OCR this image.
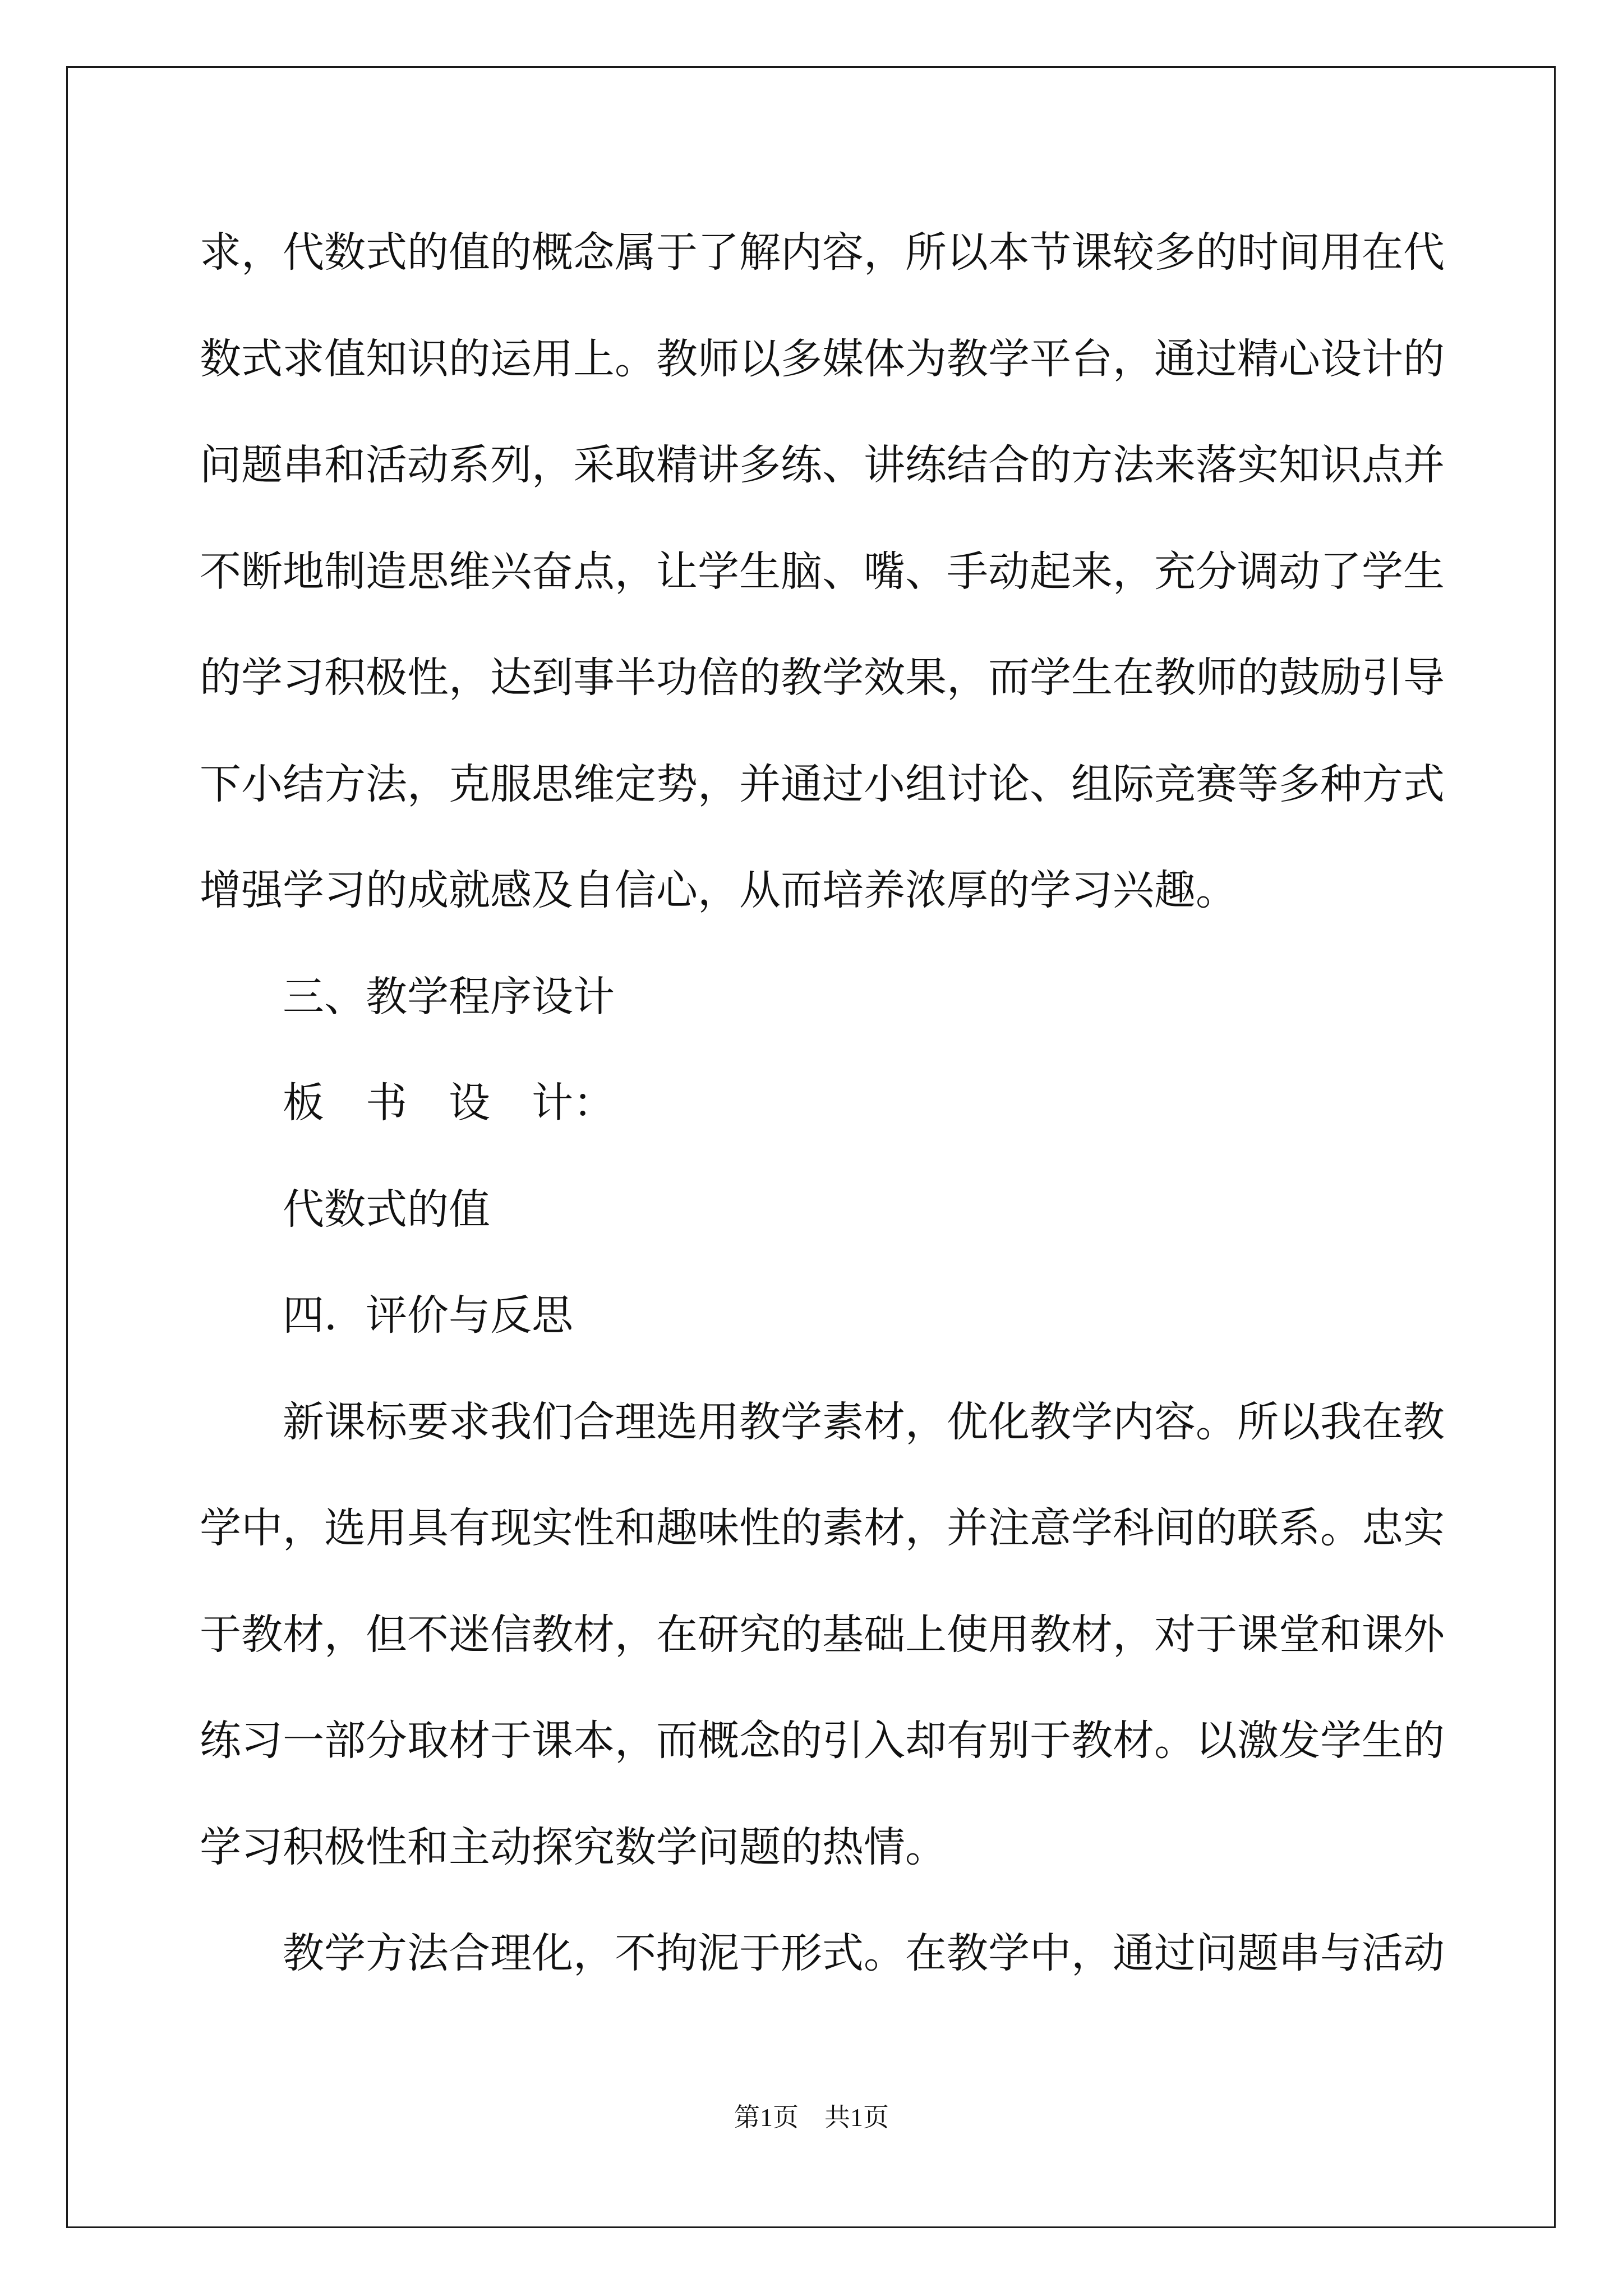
求，代数式的值的概念属于了解内容，所以本节课较多的时间用在代
数式求值知识的运用上。教师以多媒体为教学平台，通过精心设计的
问题串和活动系列，采取精讲多练、讲练结合的方法来落实知识点并
不断地制造思维兴奋点，让学生脑、嘴、手动起来，充分调动了学生
的学习积极性，达到事半功倍的教学效果，而学生在教师的鼓励引导
下小结方法，克服思维定势，并通过小组讨论、组际竞赛等多种方式
增强学习的成就感及自信心，从而培养浓厚的学习兴趣。
三、教学程序设计
板　书　设　计：
代数式的值
四．评价与反思
新课标要求我们合理选用教学素材，优化教学内容。所以我在教
学中，选用具有现实性和趣味性的素材，并注意学科间的联系。忠实
于教材，但不迷信教材，在研究的基础上使用教材，对于课堂和课外
练习一部分取材于课本，而概念的引入却有别于教材。以激发学生的
学习积极性和主动探究数学问题的热情。
教学方法合理化，不拘泥于形式。在教学中，通过问题串与活动
第1页　共1页
